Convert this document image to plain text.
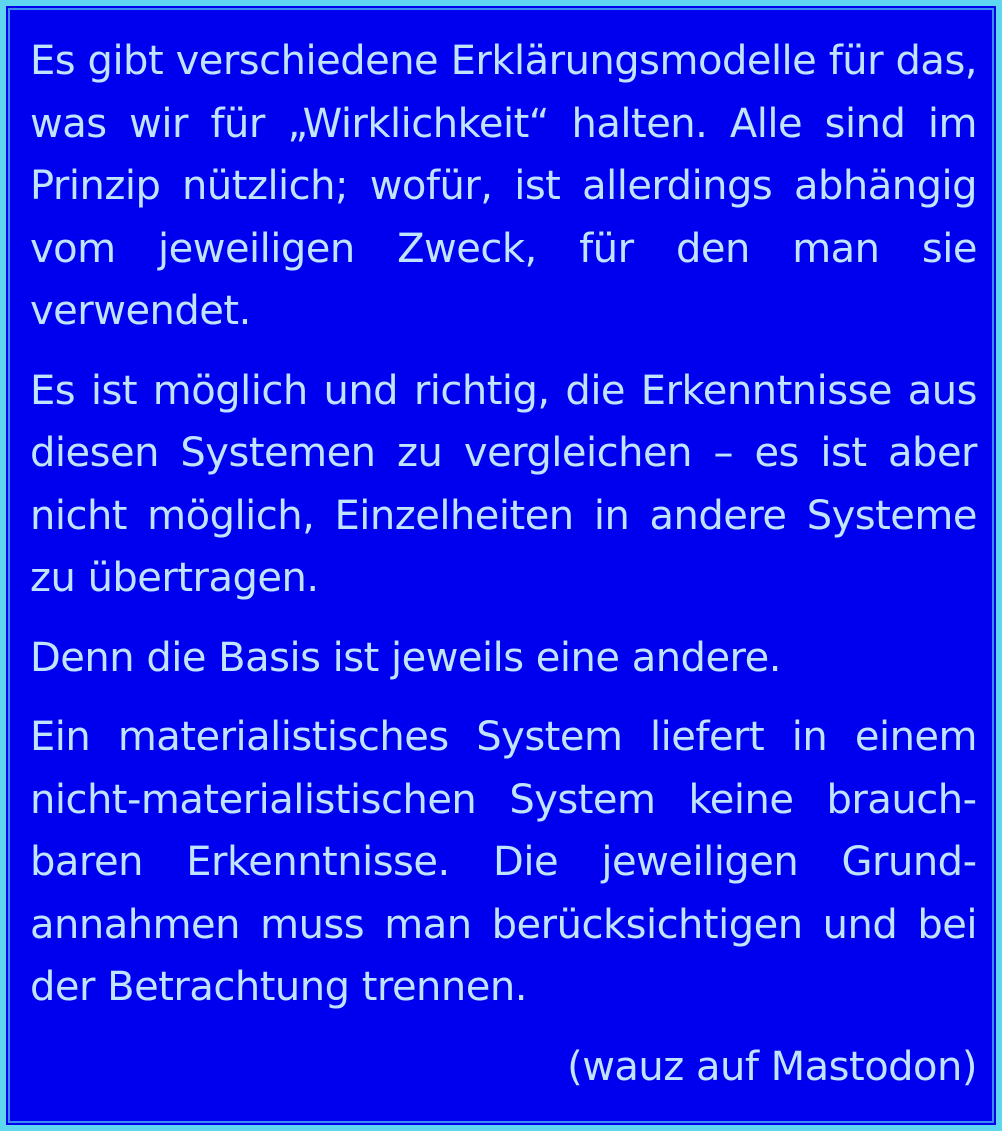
Es gibt verschiedene Erklärungsmodelle für das, was wir für „Wirklichkeit“ halten. Alle sind im Prinzip nützlich; wofür, ist allerdings abhängig vom jeweiligen Zweck, für den man sie verwendet.

Es ist möglich und richtig, die Erkenntnisse aus diesen Systemen zu vergleichen – es ist aber nicht möglich, Einzelheiten in andere Systeme zu übertragen.

Denn die Basis ist jeweils eine andere.

Ein materialistisches System liefert in einem nicht-materialistischen System keine brauchbaren Erkenntnisse. Die jeweiligen Grundannahmen muss man berücksichtigen und bei der Betrachtung trennen.

(wauz auf Mastodon)
